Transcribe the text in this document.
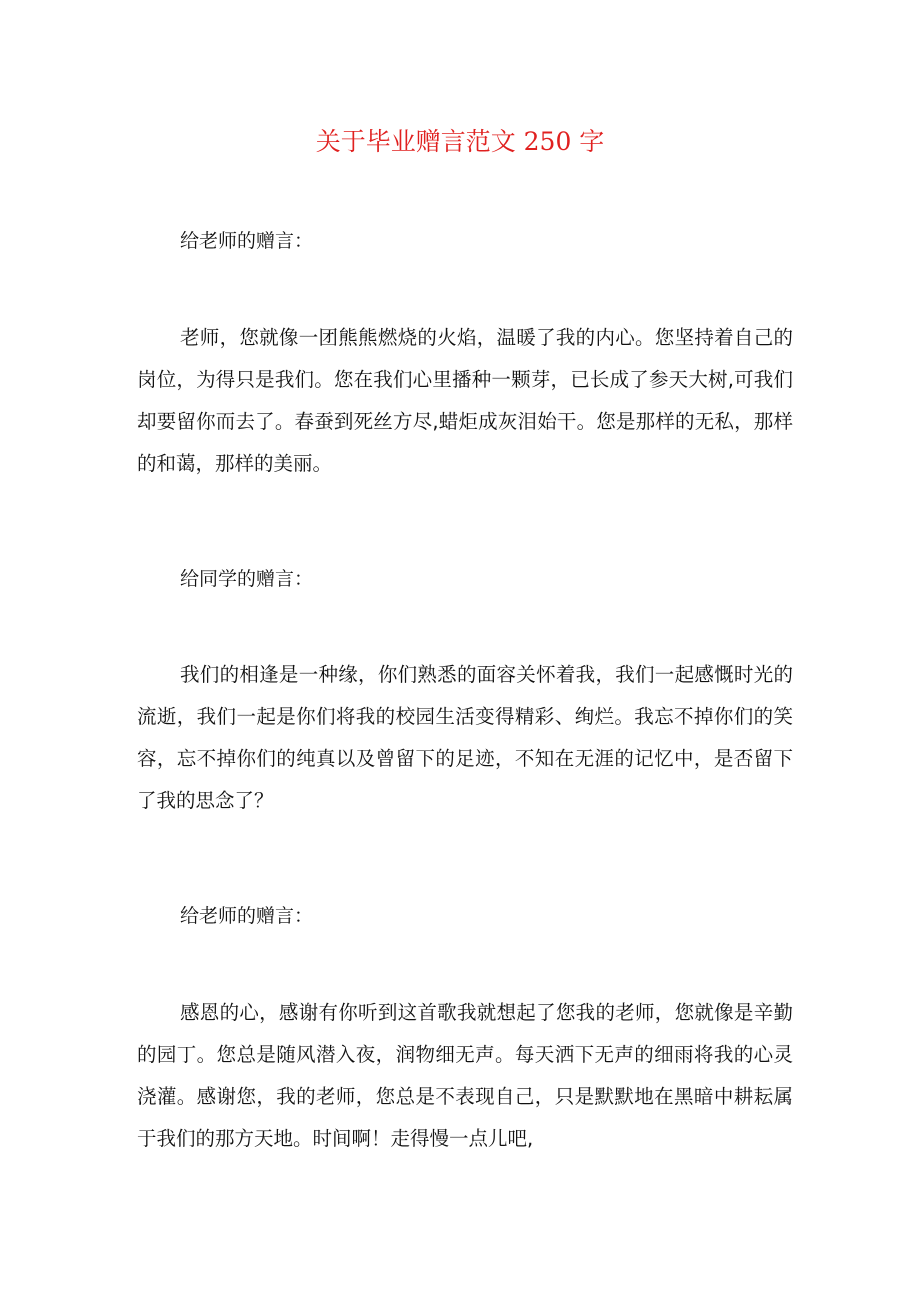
关于毕业赠言范文 250 字
给老师的赠言：
老师，您就像一团熊熊燃烧的火焰，温暖了我的内心。您坚持着自己的岗位，为得只是我们。您在我们心里播种一颗芽，已长成了参天大树,可我们却要留你而去了。春蚕到死丝方尽,蜡炬成灰泪始干。您是那样的无私，那样的和蔼，那样的美丽。
给同学的赠言：
我们的相逢是一种缘，你们熟悉的面容关怀着我，我们一起感慨时光的流逝，我们一起是你们将我的校园生活变得精彩、绚烂。我忘不掉你们的笑容，忘不掉你们的纯真以及曾留下的足迹，不知在无涯的记忆中，是否留下了我的思念了？
给老师的赠言：
感恩的心，感谢有你听到这首歌我就想起了您我的老师，您就像是辛勤的园丁。您总是随风潜入夜，润物细无声。每天洒下无声的细雨将我的心灵浇灌。感谢您，我的老师，您总是不表现自己，只是默默地在黑暗中耕耘属于我们的那方天地。时间啊！走得慢一点儿吧,
